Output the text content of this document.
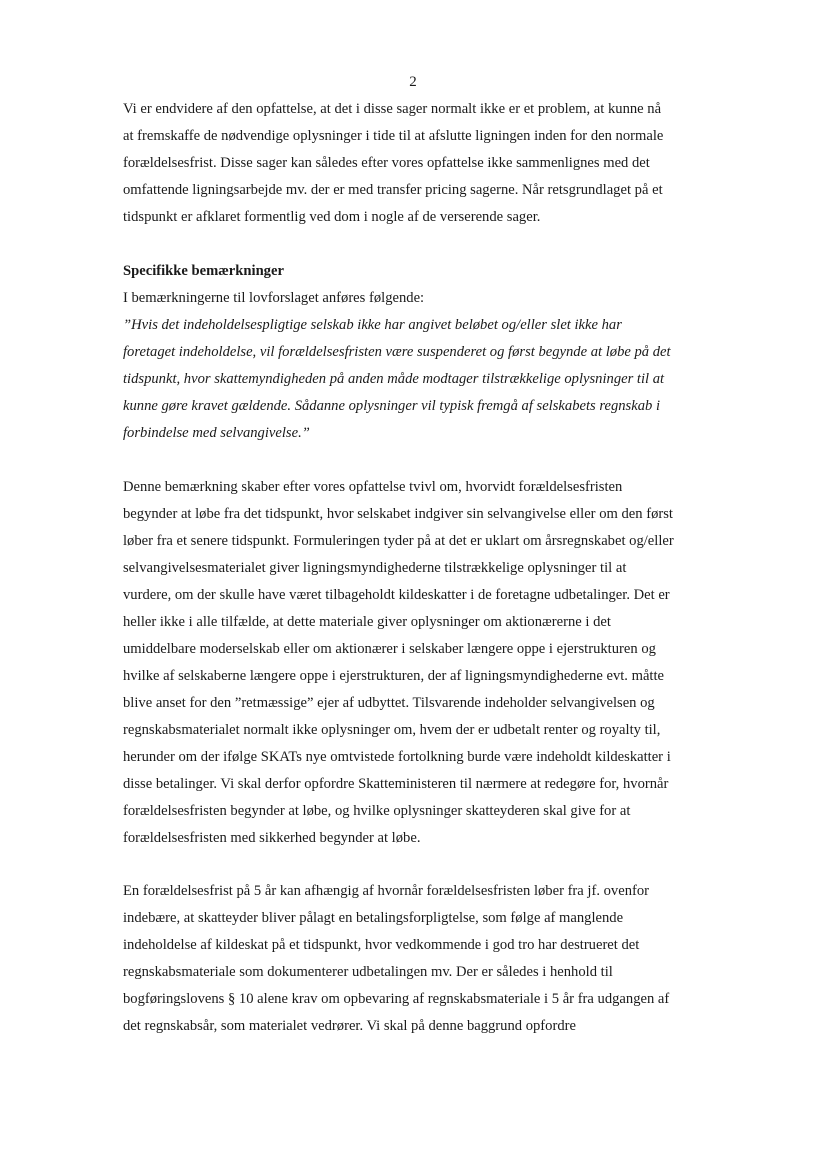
2
Vi er endvidere af den opfattelse, at det i disse sager normalt ikke er et problem, at kunne nå
at fremskaffe de nødvendige oplysninger i tide til at afslutte ligningen inden for den normale
forældelsesfrist. Disse sager kan således efter vores opfattelse ikke sammenlignes med det
omfattende ligningsarbejde mv. der er med transfer pricing sagerne. Når retsgrundlaget på et
tidspunkt er afklaret formentlig ved dom i nogle af de verserende sager.
Specifikke bemærkninger
I bemærkningerne til lovforslaget anføres følgende:
”Hvis det indeholdelsespligtige selskab ikke har angivet beløbet og/eller slet ikke har
foretaget indeholdelse, vil forældelsesfristen være suspenderet og først begynde at løbe på det
tidspunkt, hvor skattemyndigheden på anden måde modtager tilstrækkelige oplysninger til at
kunne gøre kravet gældende. Sådanne oplysninger vil typisk fremgå af selskabets regnskab i
forbindelse med selvangivelse.”
Denne bemærkning skaber efter vores opfattelse tvivl om, hvorvidt forældelsesfristen
begynder at løbe fra det tidspunkt, hvor selskabet indgiver sin selvangivelse eller om den først
løber fra et senere tidspunkt. Formuleringen tyder på at det er uklart om årsregnskabet og/eller
selvangivelsesmaterialet giver ligningsmyndighederne tilstrækkelige oplysninger til at
vurdere, om der skulle have været tilbageholdt kildeskatter i de foretagne udbetalinger. Det er
heller ikke i alle tilfælde, at dette materiale giver oplysninger om aktionærerne i det
umiddelbare moderselskab eller om aktionærer i selskaber længere oppe i ejerstrukturen og
hvilke af selskaberne længere oppe i ejerstrukturen, der af ligningsmyndighederne evt. måtte
blive anset for den ”retmæssige” ejer af udbyttet. Tilsvarende indeholder selvangivelsen og
regnskabsmaterialet normalt ikke oplysninger om, hvem der er udbetalt renter og royalty til,
herunder om der ifølge SKATs nye omtvistede fortolkning burde være indeholdt kildeskatter i
disse betalinger. Vi skal derfor opfordre Skatteministeren til nærmere at redegøre for, hvornår
forældelsesfristen begynder at løbe, og hvilke oplysninger skatteyderen skal give for at
forældelsesfristen med sikkerhed begynder at løbe.
En forældelsesfrist på 5 år kan afhængig af hvornår forældelsesfristen løber fra jf. ovenfor
indebære, at skatteyder bliver pålagt en betalingsforpligtelse, som følge af manglende
indeholdelse af kildeskat på et tidspunkt, hvor vedkommende i god tro har destrueret det
regnskabsmateriale som dokumenterer udbetalingen mv. Der er således i henhold til
bogføringslovens § 10 alene krav om opbevaring af regnskabsmateriale i 5 år fra udgangen af
det regnskabsår, som materialet vedrører. Vi skal på denne baggrund opfordre
